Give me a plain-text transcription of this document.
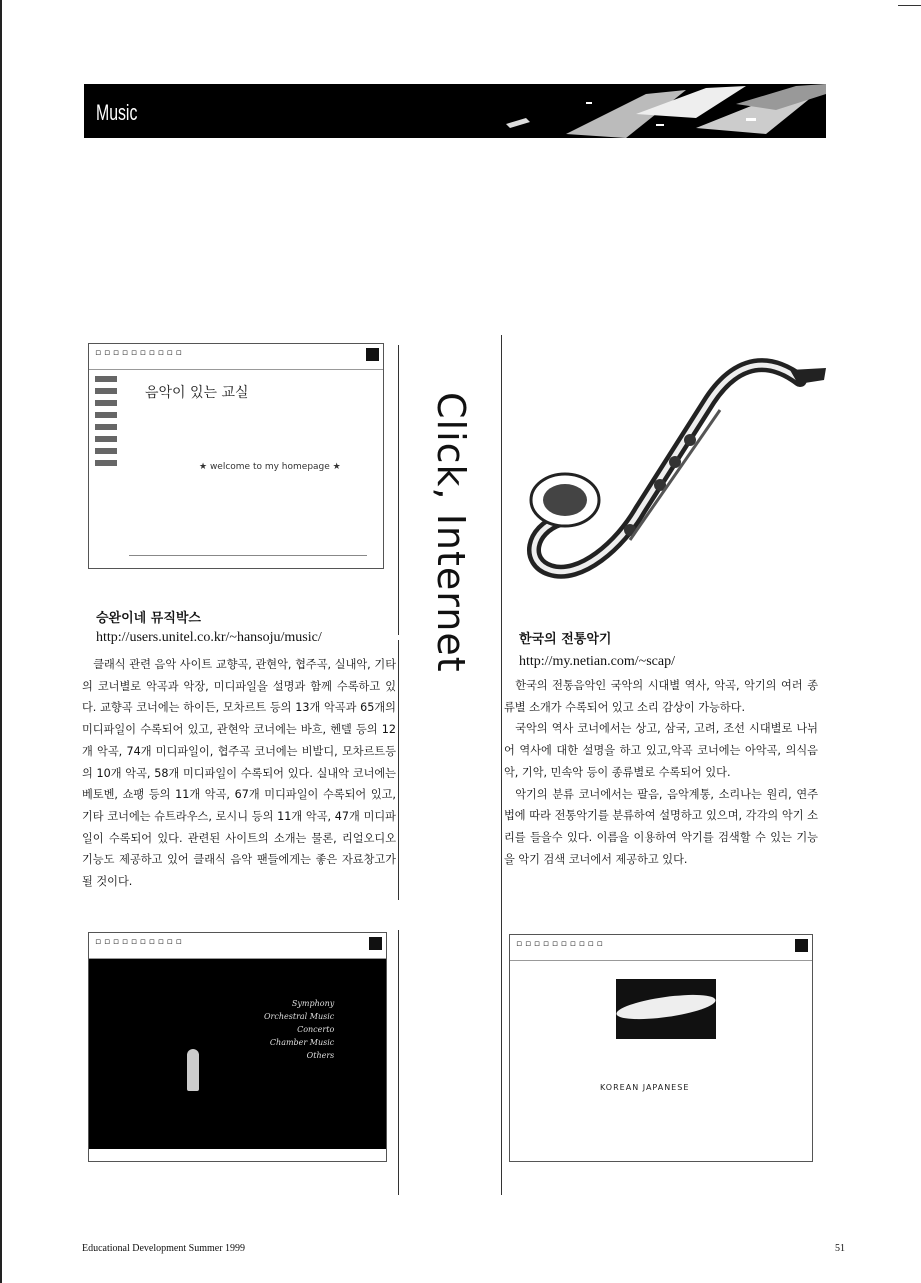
Music
Click, Internet
▫ ▫ ▫ ▫ ▫ ▫ ▫ ▫ ▫ ▫
음악이 있는 교실
★ welcome to my homepage ★
승완이네 뮤직박스
http://users.unitel.co.kr/~hansoju/music/

클래식 관련 음악 사이트 교향곡, 관현악, 협주곡, 실내악, 기타의 코너별로 악곡과 악장, 미디파일을 설명과 함께 수록하고 있다. 교향곡 코너에는 하이든, 모차르트 등의 13개 악곡과 65개의 미디파일이 수록되어 있고, 관현악 코너에는 바흐, 헨델 등의 12개 악곡, 74개 미디파일이, 협주곡 코너에는 비발디, 모차르트등의 10개 악곡, 58개 미디파일이 수록되어 있다. 실내악 코너에는 베토벤, 쇼팽 등의 11개 악곡, 67개 미디파일이 수록되어 있고, 기타 코너에는 슈트라우스, 로시니 등의 11개 악곡, 47개 미디파일이 수록되어 있다. 관련된 사이트의 소개는 물론, 리얼오디오 기능도 제공하고 있어 클래식 음악 팬들에게는 좋은 자료창고가 될 것이다.

▫ ▫ ▫ ▫ ▫ ▫ ▫ ▫ ▫ ▫
Symphony
Orchestral Music
Concerto
Chamber Music
Others
한국의 전통악기
http://my.netian.com/~scap/

한국의 전통음악인 국악의 시대별 역사, 악곡, 악기의 여러 종류별 소개가 수록되어 있고 소리 감상이 가능하다.

국악의 역사 코너에서는 상고, 삼국, 고려, 조선 시대별로 나뉘어 역사에 대한 설명을 하고 있고,악곡 코너에는 아악곡, 의식음악, 기악, 민속악 등이 종류별로 수록되어 있다.

악기의 분류 코너에서는 팔음, 음악계통, 소리나는 원리, 연주법에 따라 전통악기를 분류하여 설명하고 있으며, 각각의 악기 소리를 들을수 있다. 이름을 이용하여 악기를 검색할 수 있는 기능을 악기 검색 코너에서 제공하고 있다.

▫ ▫ ▫ ▫ ▫ ▫ ▫ ▫ ▫ ▫
KOREAN JAPANESE
Educational Development Summer 1999	51
